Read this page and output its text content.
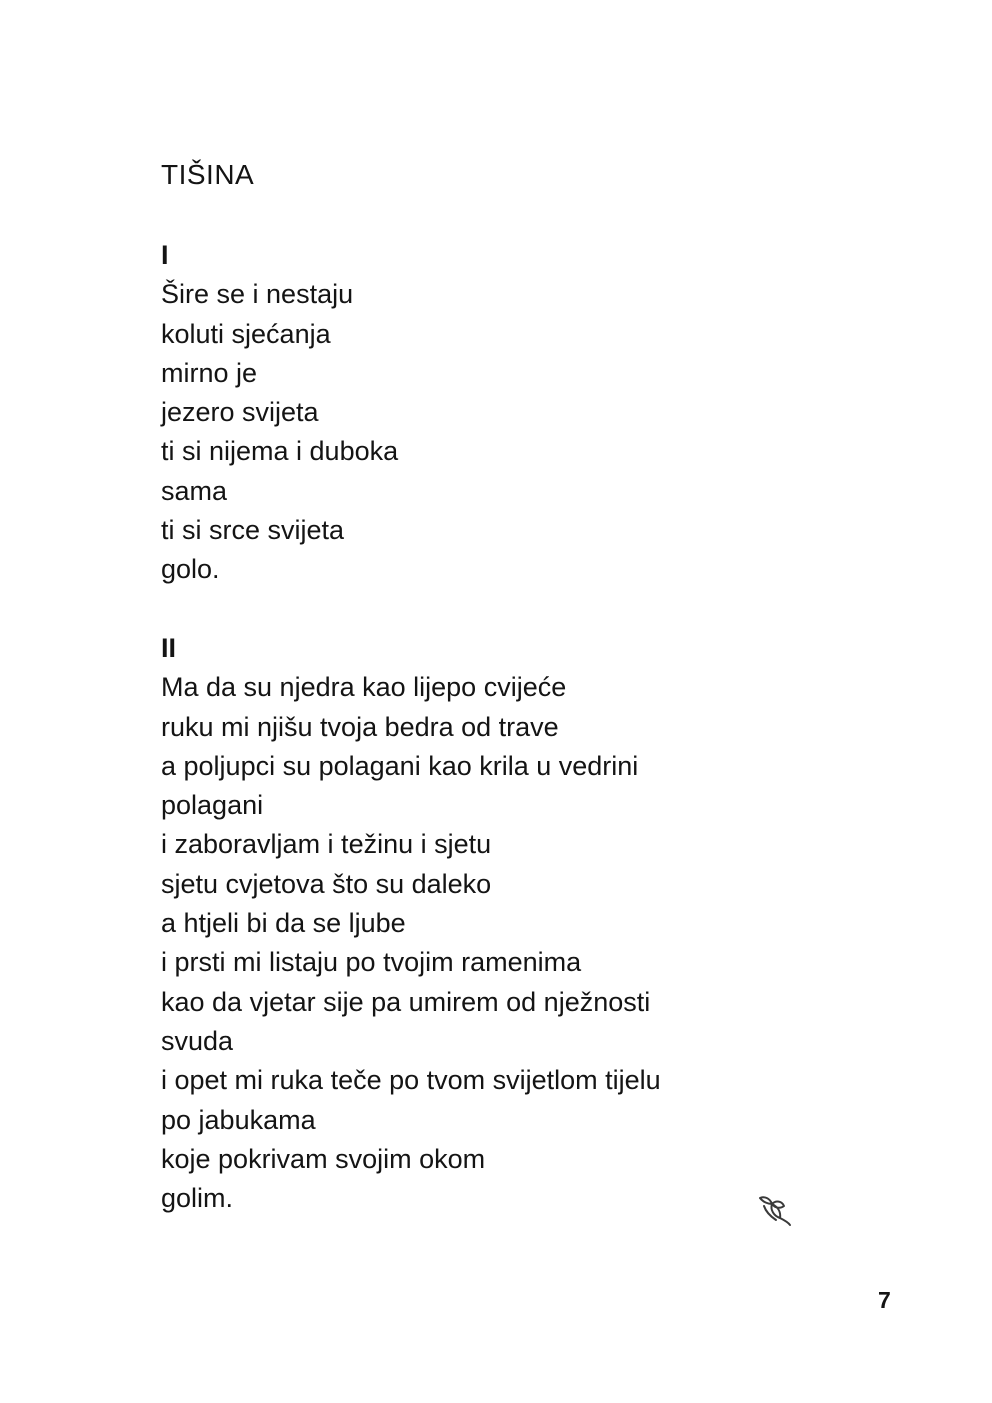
TIŠINA
I
Šire se i nestaju
koluti sjećanja
mirno je
jezero svijeta
ti si nijema i duboka
sama
ti si srce svijeta
golo.
II
Ma da su njedra kao lijepo cvijeće
ruku mi njišu tvoja bedra od trave
a poljupci su polagani kao krila u vedrini
polagani
i zaboravljam i težinu i sjetu
sjetu cvjetova što su daleko
a htjeli bi da se ljube
i prsti mi listaju po tvojim ramenima
kao da vjetar sije pa umirem od nježnosti
svuda
i opet mi ruka teče po tvom svijetlom tijelu
po jabukama
koje pokrivam svojim okom
golim.
7
